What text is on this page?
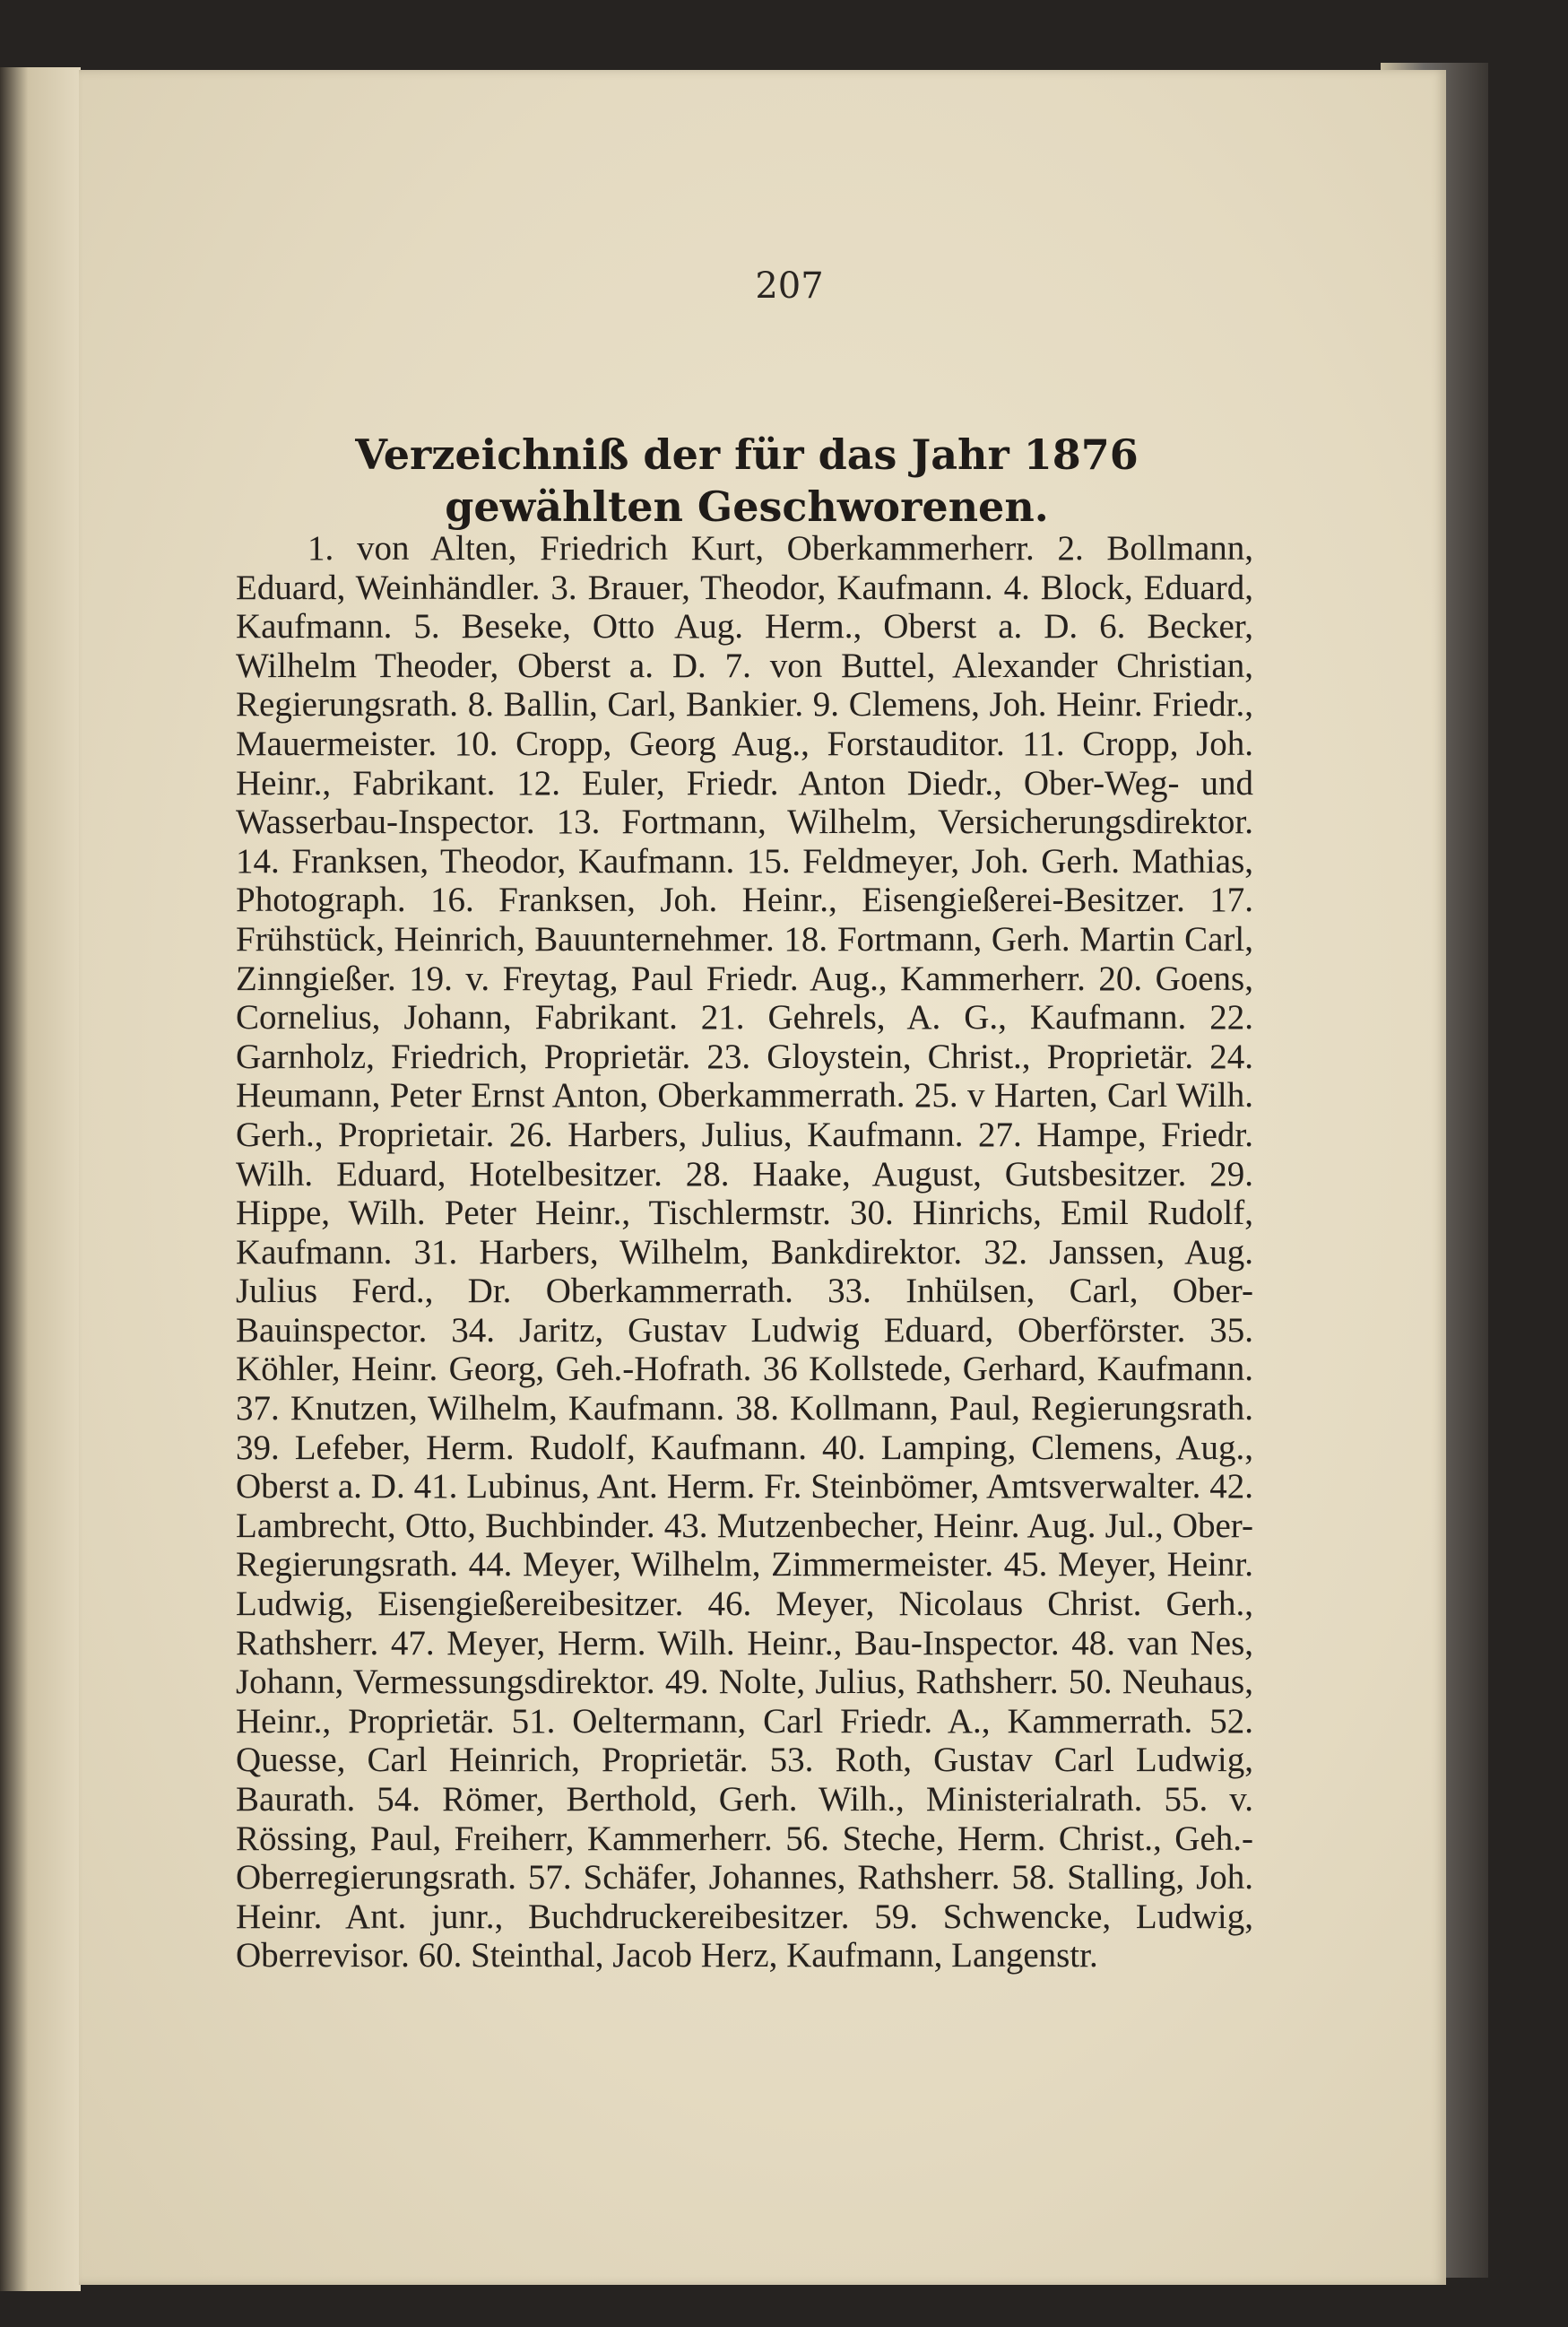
207
Verzeichniß der für das Jahr 1876 gewählten Geschworenen.

1. von Alten, Friedrich Kurt, Oberkammerherr. 2. Bollmann, Eduard, Weinhändler. 3. Brauer, Theodor, Kaufmann. 4. Block, Eduard, Kaufmann. 5. Beseke, Otto Aug. Herm., Oberst a. D. 6. Becker, Wilhelm Theoder, Oberst a. D. 7. von Buttel, Alexander Christian, Regierungsrath. 8. Ballin, Carl, Bankier. 9. Clemens, Joh. Heinr. Friedr., Mauermeister. 10. Cropp, Georg Aug., Forstauditor. 11. Cropp, Joh. Heinr., Fabrikant. 12. Euler, Friedr. Anton Diedr., Ober-Weg- und Wasserbau-Inspector. 13. Fortmann, Wilhelm, Versicherungsdirektor. 14. Franksen, Theodor, Kaufmann. 15. Feldmeyer, Joh. Gerh. Mathias, Photograph. 16. Franksen, Joh. Heinr., Eisengießerei-Besitzer. 17. Frühstück, Heinrich, Bauunternehmer. 18. Fortmann, Gerh. Martin Carl, Zinngießer. 19. v. Freytag, Paul Friedr. Aug., Kammerherr. 20. Goens, Cornelius, Johann, Fabrikant. 21. Gehrels, A. G., Kaufmann. 22. Garnholz, Friedrich, Proprietär. 23. Gloystein, Christ., Proprietär. 24. Heumann, Peter Ernst Anton, Oberkammerrath. 25. v Harten, Carl Wilh. Gerh., Proprietair. 26. Harbers, Julius, Kaufmann. 27. Hampe, Friedr. Wilh. Eduard, Hotelbesitzer. 28. Haake, August, Gutsbesitzer. 29. Hippe, Wilh. Peter Heinr., Tischlermstr. 30. Hinrichs, Emil Rudolf, Kaufmann. 31. Harbers, Wilhelm, Bankdirektor. 32. Janssen, Aug. Julius Ferd., Dr. Oberkammerrath. 33. Inhülsen, Carl, Ober-Bauinspector. 34. Jaritz, Gustav Ludwig Eduard, Oberförster. 35. Köhler, Heinr. Georg, Geh.-Hofrath. 36 Kollstede, Gerhard, Kaufmann. 37. Knutzen, Wilhelm, Kaufmann. 38. Kollmann, Paul, Regierungsrath. 39. Lefeber, Herm. Rudolf, Kaufmann. 40. Lamping, Clemens, Aug., Oberst a. D. 41. Lubinus, Ant. Herm. Fr. Steinbömer, Amtsverwalter. 42. Lambrecht, Otto, Buchbinder. 43. Mutzenbecher, Heinr. Aug. Jul., Ober-Regierungsrath. 44. Meyer, Wilhelm, Zimmermeister. 45. Meyer, Heinr. Ludwig, Eisengießereibesitzer. 46. Meyer, Nicolaus Christ. Gerh., Rathsherr. 47. Meyer, Herm. Wilh. Heinr., Bau-Inspector. 48. van Nes, Johann, Vermessungsdirektor. 49. Nolte, Julius, Rathsherr. 50. Neuhaus, Heinr., Proprietär. 51. Oeltermann, Carl Friedr. A., Kammerrath. 52. Quesse, Carl Heinrich, Proprietär. 53. Roth, Gustav Carl Ludwig, Baurath. 54. Römer, Berthold, Gerh. Wilh., Ministerialrath. 55. v. Rössing, Paul, Freiherr, Kammerherr. 56. Steche, Herm. Christ., Geh.-Oberregierungsrath. 57. Schäfer, Johannes, Rathsherr. 58. Stalling, Joh. Heinr. Ant. junr., Buchdruckereibesitzer. 59. Schwencke, Ludwig, Oberrevisor. 60. Steinthal, Jacob Herz, Kaufmann, Langenstr.
